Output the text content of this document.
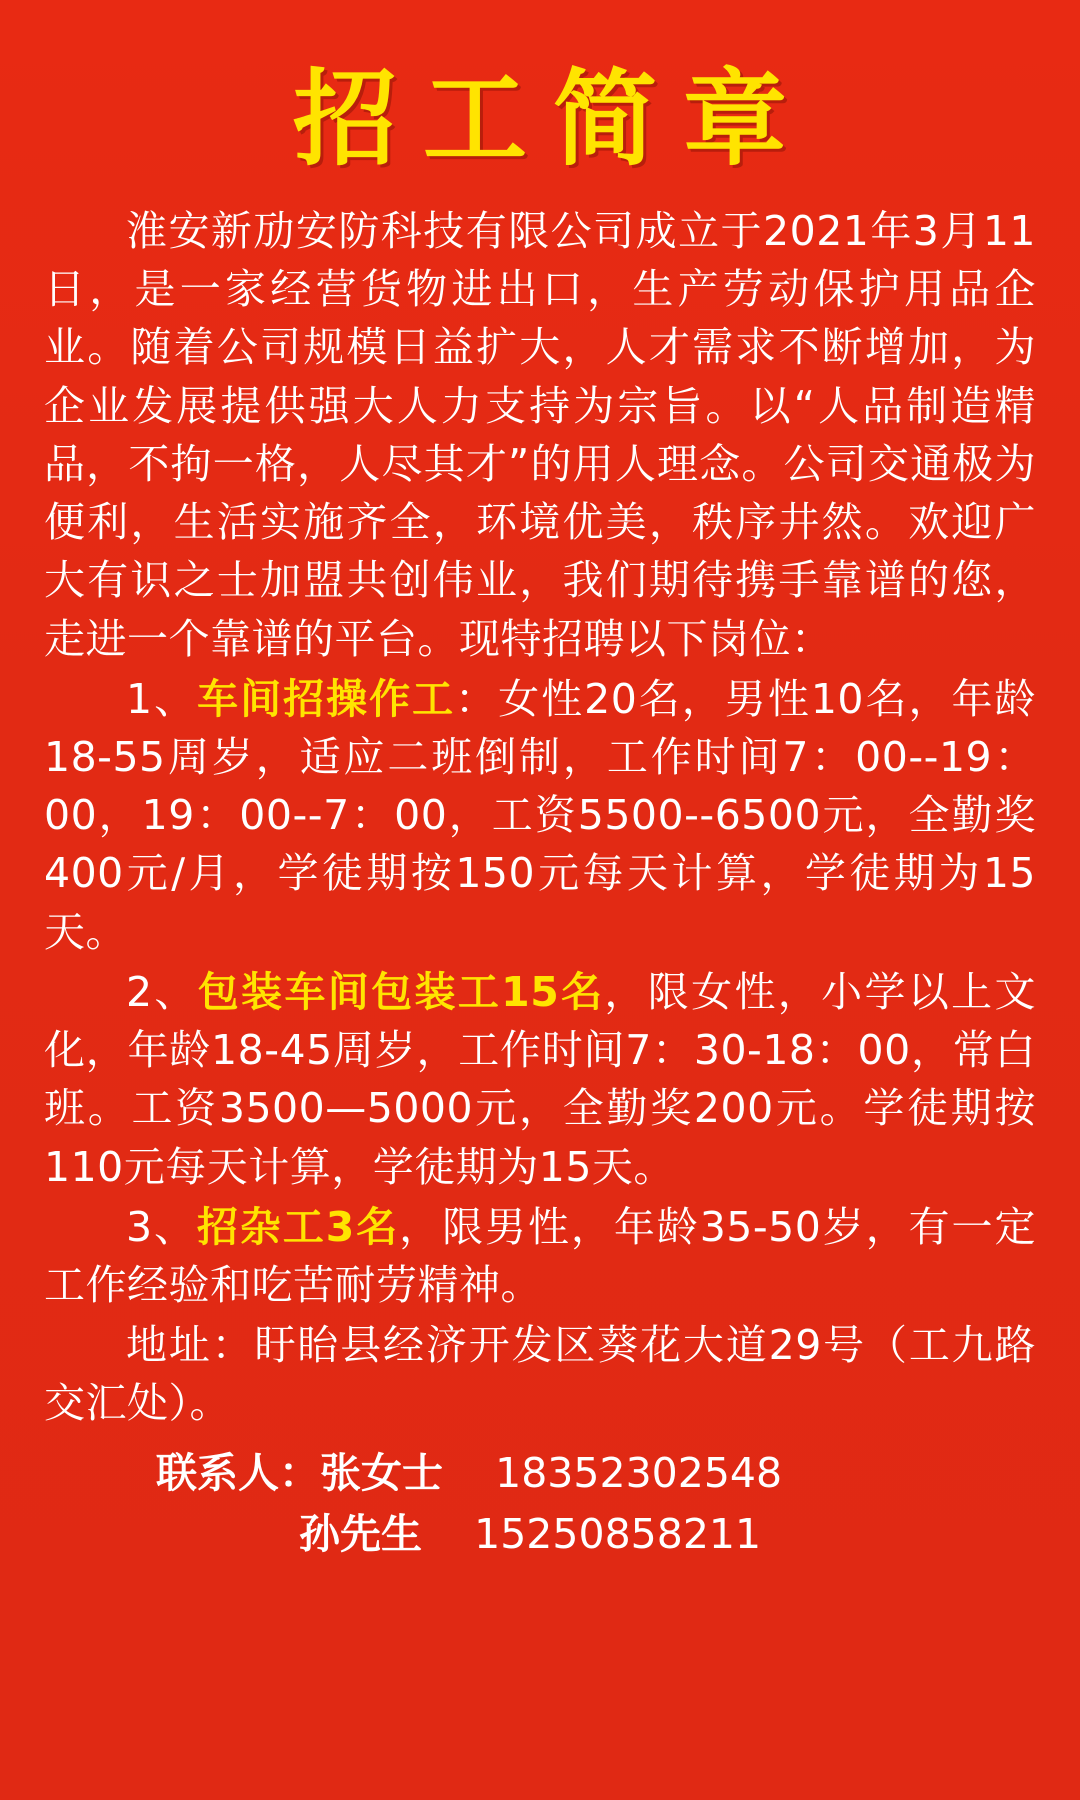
招工简章

淮安新劢安防科技有限公司成立于2021年3月11日，是一家经营货物进出口，生产劳动保护用品企业。随着公司规模日益扩大，人才需求不断增加，为企业发展提供强大人力支持为宗旨。以“人品制造精品，不拘一格，人尽其才”的用人理念。公司交通极为便利，生活实施齐全，环境优美，秩序井然。欢迎广大有识之士加盟共创伟业，我们期待携手靠谱的您，走进一个靠谱的平台。现特招聘以下岗位：

1、车间招操作工：女性20名，男性10名，年龄18-55周岁，适应二班倒制，工作时间7：00--19：00，19：00--7：00，工资5500--6500元，全勤奖400元/月，学徒期按150元每天计算，学徒期为15天。

2、包装车间包装工15名，限女性，小学以上文化，年龄18-45周岁，工作时间7：30-18：00，常白班。工资3500—5000元，全勤奖200元。学徒期按110元每天计算，学徒期为15天。

3、招杂工3名，限男性，年龄35-50岁，有一定工作经验和吃苦耐劳精神。

地址：盱眙县经济开发区葵花大道29号（工九路交汇处）。

联系人：张女士 18352302548
孙先生 15250858211
